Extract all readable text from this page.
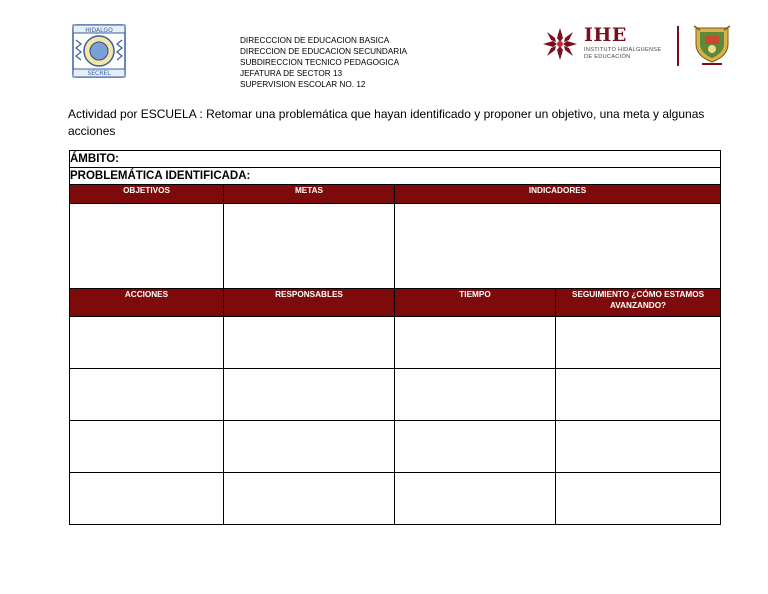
HIDALGO
SECREL
DIRECCCION DE EDUCACION BASICA
DIRECCION DE EDUCACION SECUNDARIA
SUBDIRECCION TECNICO PEDAGOGICA
JEFATURA DE SECTOR 13
SUPERVISION ESCOLAR NO. 12
IHE
INSTITUTO HIDALGUENSE
DE EDUCACIÓN
Actividad por ESCUELA : Retomar una problemática que hayan identificado y proponer un objetivo, una meta y algunas acciones
ÁMBITO:			
PROBLEMÁTICA IDENTIFICADA:			
OBJETIVOS	METAS	INDICADORES	

ACCIONES	RESPONSABLES	TIEMPO	SEGUIMIENTO ¿CÓMO ESTAMOS AVANZANDO?
